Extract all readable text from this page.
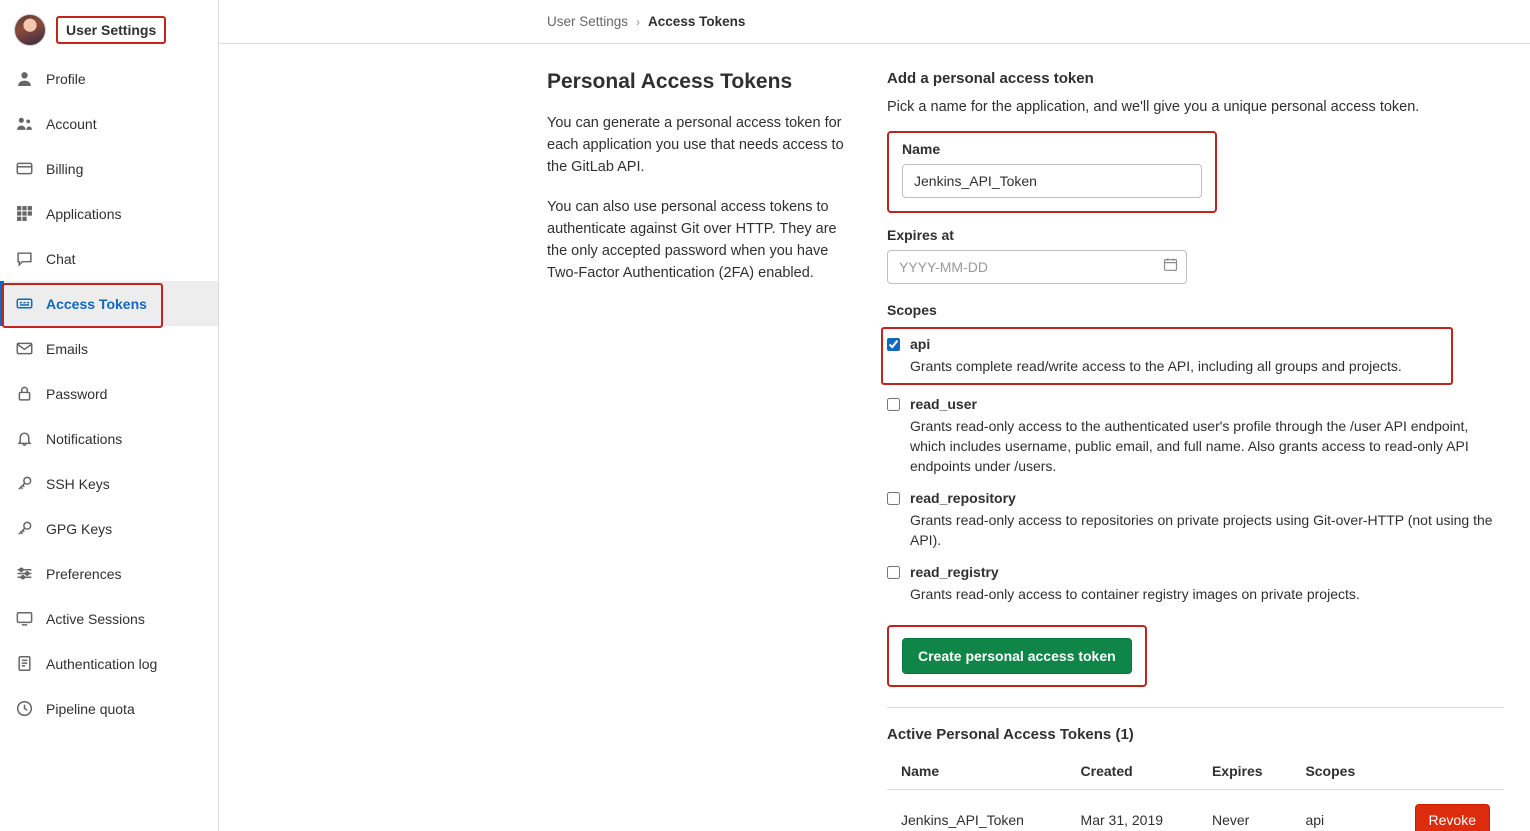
User Settings
Profile
Account
Billing
Applications
Chat
Access Tokens
Emails
Password
Notifications
SSH Keys
GPG Keys
Preferences
Active Sessions
Authentication log
Pipeline quota
User Settings › Access Tokens
Personal Access Tokens

You can generate a personal access token for each application you use that needs access to the GitLab API.

You can also use personal access tokens to authenticate against Git over HTTP. They are the only accepted password when you have Two-Factor Authentication (2FA) enabled.

Add a personal access token
Pick a name for the application, and we'll give you a unique personal access token.
Name
Jenkins_API_Token
Expires at
YYYY-MM-DD
Scopes
api
Grants complete read/write access to the API, including all groups and projects.
read_user
Grants read-only access to the authenticated user's profile through the /user API endpoint, which includes username, public email, and full name. Also grants access to read-only API endpoints under /users.
read_repository
Grants read-only access to repositories on private projects using Git-over-HTTP (not using the API).
read_registry
Grants read-only access to container registry images on private projects.
Create personal access token
Active Personal Access Tokens (1)
Name	Created	Expires	Scopes	
Jenkins_API_Token	Mar 31, 2019	Never	api	Revoke
